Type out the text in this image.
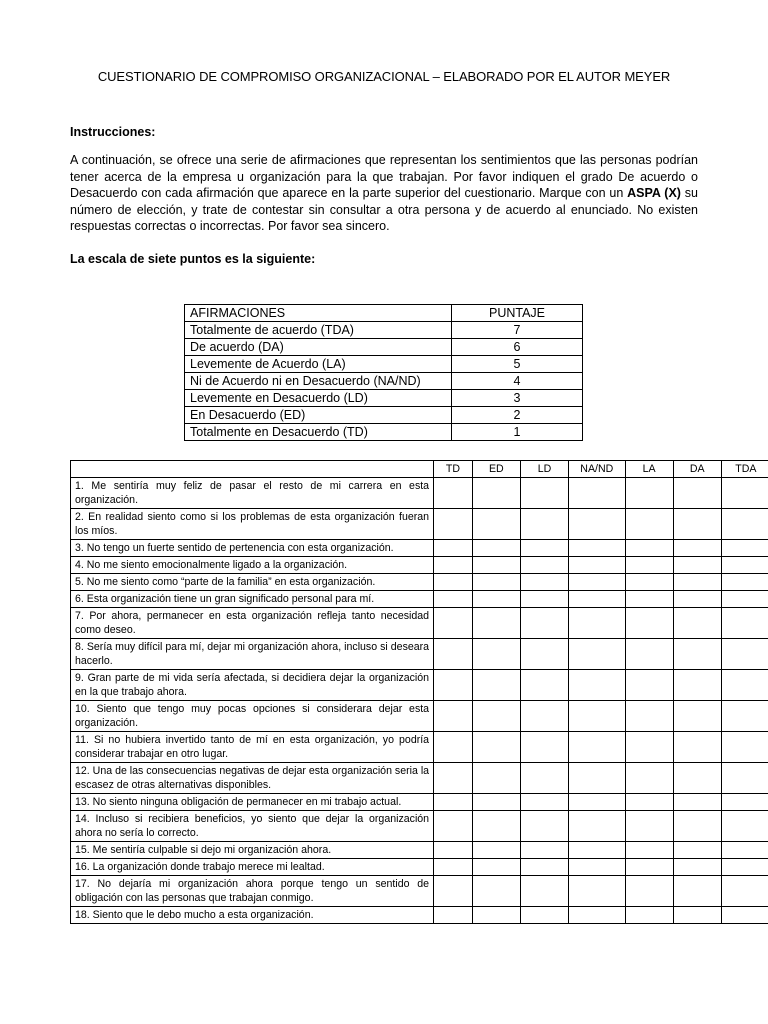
CUESTIONARIO DE COMPROMISO ORGANIZACIONAL – ELABORADO POR EL AUTOR MEYER
Instrucciones:
A continuación, se ofrece una serie de afirmaciones que representan los sentimientos que las personas podrían tener acerca de la empresa u organización para la que trabajan. Por favor indiquen el grado De acuerdo o Desacuerdo con cada afirmación que aparece en la parte superior del cuestionario. Marque con un ASPA (X) su número de elección, y trate de contestar sin consultar a otra persona y de acuerdo al enunciado. No existen respuestas correctas o incorrectas. Por favor sea sincero.
La escala de siete puntos es la siguiente:
AFIRMACIONES	PUNTAJE
Totalmente de acuerdo (TDA)	7
De acuerdo (DA)	6
Levemente de Acuerdo (LA)	5
Ni de Acuerdo ni en Desacuerdo (NA/ND)	4
Levemente en Desacuerdo (LD)	3
En Desacuerdo (ED)	2
Totalmente en Desacuerdo (TD)	1
	TD	ED	LD	NA/ND	LA	DA	TDA
1. Me sentiría muy feliz de pasar el resto de mi carrera en esta organización.							
2. En realidad siento como si los problemas de esta organización fueran los míos.							
3. No tengo un fuerte sentido de pertenencia con esta organización.							
4. No me siento emocionalmente ligado a la organización.							
5. No me siento como “parte de la familia” en esta organización.							
6. Esta organización tiene un gran significado personal para mí.							
7. Por ahora, permanecer en esta organización refleja tanto necesidad como deseo.							
8. Sería muy difícil para mí, dejar mi organización ahora, incluso si deseara hacerlo.							
9. Gran parte de mi vida sería afectada, si decidiera dejar la organización en la que trabajo ahora.							
10. Siento que tengo muy pocas opciones si considerara dejar esta organización.							
11. Si no hubiera invertido tanto de mí en esta organización, yo podría considerar trabajar en otro lugar.							
12. Una de las consecuencias negativas de dejar esta organización seria la escasez de otras alternativas disponibles.							
13. No siento ninguna obligación de permanecer en mi trabajo actual.							
14. Incluso si recibiera beneficios, yo siento que dejar la organización ahora no sería lo correcto.							
15. Me sentiría culpable si dejo mi organización ahora.							
16. La organización donde trabajo merece mi lealtad.							
17. No dejaría mi organización ahora porque tengo un sentido de obligación con las personas que trabajan conmigo.							
18. Siento que le debo mucho a esta organización.							
